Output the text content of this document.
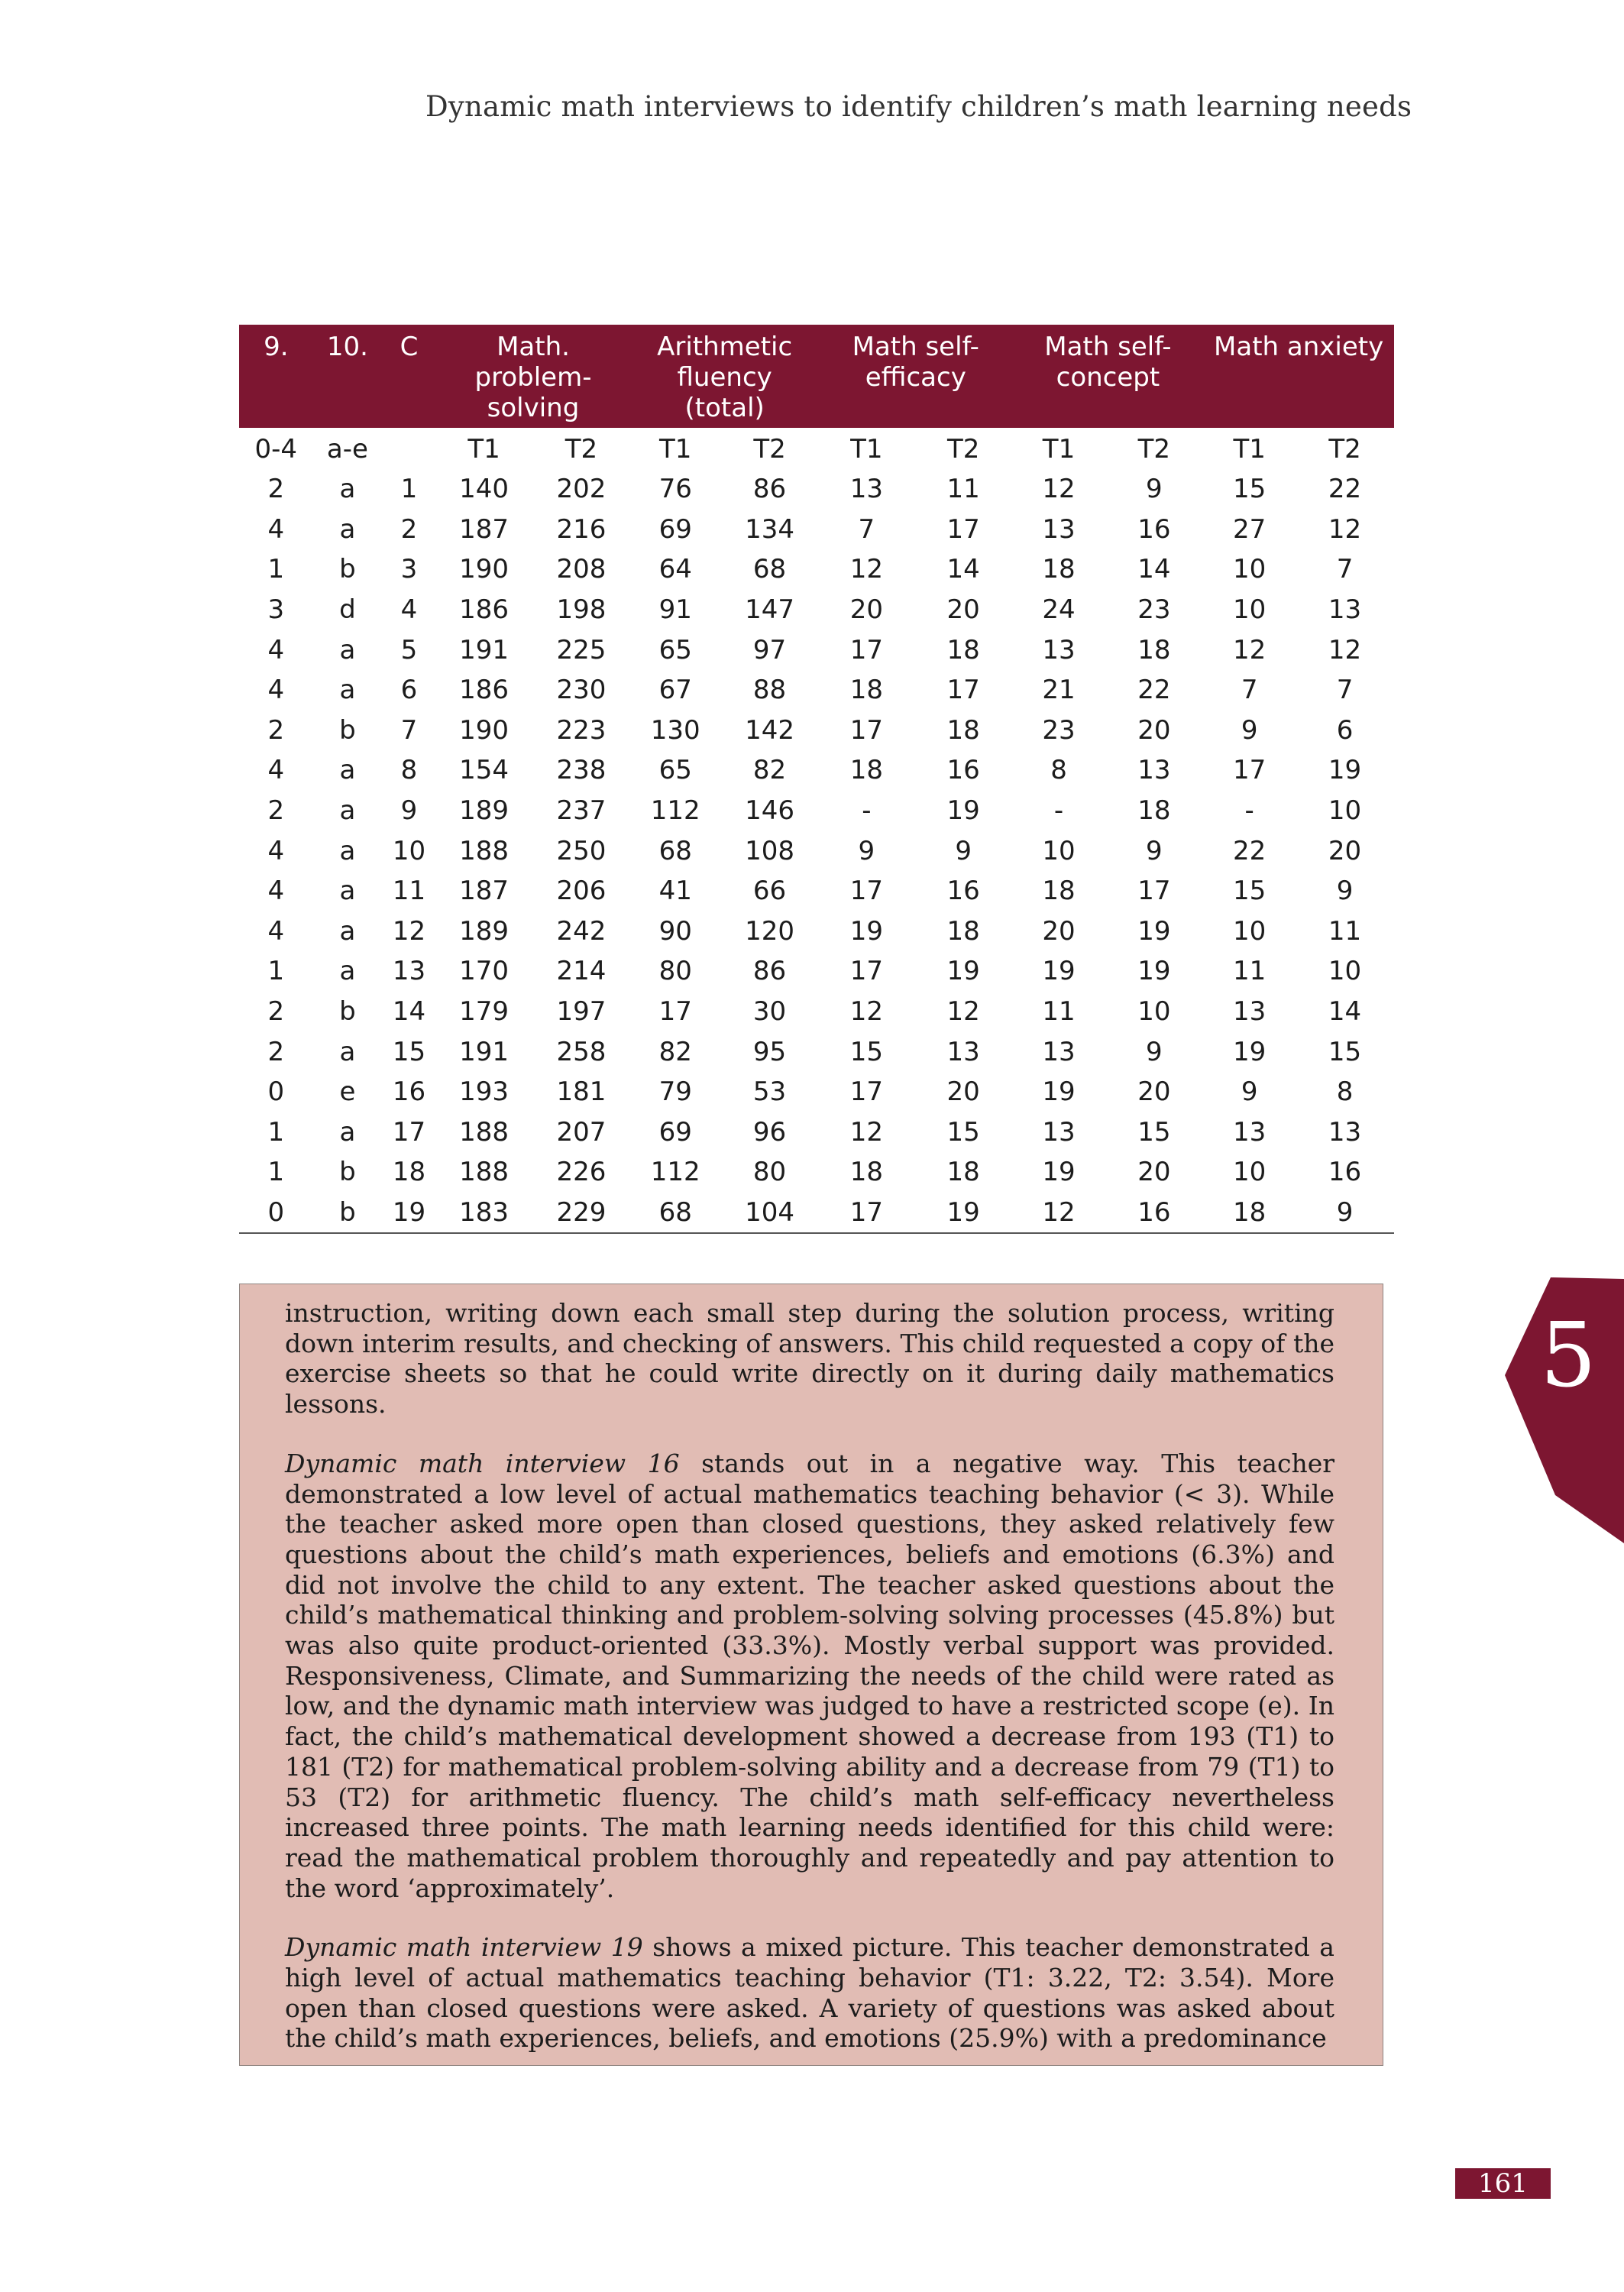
Dynamic math interviews to identify children’s math learning needs
9.	10.	C	Math. problem-solving		Arithmetic fluency (total)		Math self-efficacy		Math self-concept		Math anxiety	
0-4	a-e		T1	T2	T1	T2	T1	T2	T1	T2	T1	T2
2	a	1	140	202	76	86	13	11	12	9	15	22
4	a	2	187	216	69	134	7	17	13	16	27	12
1	b	3	190	208	64	68	12	14	18	14	10	7
3	d	4	186	198	91	147	20	20	24	23	10	13
4	a	5	191	225	65	97	17	18	13	18	12	12
4	a	6	186	230	67	88	18	17	21	22	7	7
2	b	7	190	223	130	142	17	18	23	20	9	6
4	a	8	154	238	65	82	18	16	8	13	17	19
2	a	9	189	237	112	146	-	19	-	18	-	10
4	a	10	188	250	68	108	9	9	10	9	22	20
4	a	11	187	206	41	66	17	16	18	17	15	9
4	a	12	189	242	90	120	19	18	20	19	10	11
1	a	13	170	214	80	86	17	19	19	19	11	10
2	b	14	179	197	17	30	12	12	11	10	13	14
2	a	15	191	258	82	95	15	13	13	9	19	15
0	e	16	193	181	79	53	17	20	19	20	9	8
1	a	17	188	207	69	96	12	15	13	15	13	13
1	b	18	188	226	112	80	18	18	19	20	10	16
0	b	19	183	229	68	104	17	19	12	16	18	9

instruction, writing down each small step during the solution process, writing down interim results, and checking of answers. This child requested a copy of the exercise sheets so that he could write directly on it during daily mathematics lessons.

Dynamic math interview 16 stands out in a negative way. This teacher demonstrated a low level of actual mathematics teaching behavior (< 3). While the teacher asked more open than closed questions, they asked relatively few questions about the child’s math experiences, beliefs and emotions (6.3%) and did not involve the child to any extent. The teacher asked questions about the child’s mathematical thinking and problem-solving solving processes (45.8%) but was also quite product-oriented (33.3%). Mostly verbal support was provided. Responsiveness, Climate, and Summarizing the needs of the child were rated as low, and the dynamic math interview was judged to have a restricted scope (e). In fact, the child’s mathematical development showed a decrease from 193 (T1) to 181 (T2) for mathematical problem-solving ability and a decrease from 79 (T1) to 53 (T2) for arithmetic fluency. The child’s math self-efficacy nevertheless increased three points. The math learning needs identified for this child were: read the mathematical problem thoroughly and repeatedly and pay attention to the word ‘approximately’.

Dynamic math interview 19 shows a mixed picture. This teacher demonstrated a high level of actual mathematics teaching behavior (T1: 3.22, T2: 3.54). More open than closed questions were asked. A variety of questions was asked about the child’s math experiences, beliefs, and emotions (25.9%) with a predominance

5
161
